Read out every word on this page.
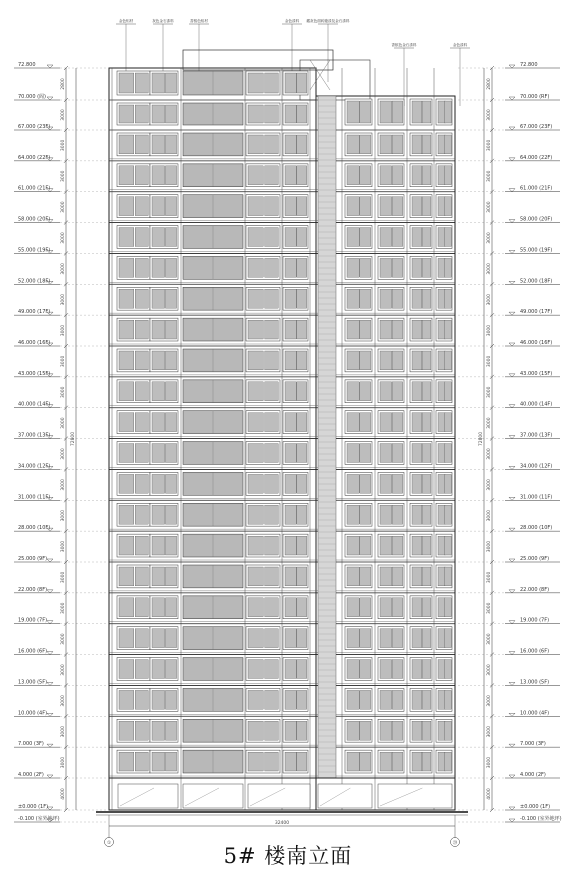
金色铝材	灰色金石漆料	香槟色铝材	金色漆料 藏灰色面砖缝漆及金石漆料
香槟色金石漆料	金色漆料
72.800	72.800
70.000 (阁)	70.000 (RF)
67.000 (23F)
64.000 (22F)
61.000 (21F)
58.000 (20F)
55.000 (19F)
52.000 (18F)
49.000 (17F)
46.000 (16F)
43.000 (15F)
40.000 (14F)
37.000 (13F)
34.000 (12F)
31.000 (11F)
28.000 (10F)
25.000 (9F)
22.000 (8F)
19.000 (7F)
16.000 (6F)
13.000 (5F)
10.000 (4F)
7.000 (3F)
4.000 (2F)
67.000 (23F)
64.000 (22F)
61.000 (21F)
58.000 (20F)
55.000 (19F)
52.000 (18F)
49.000 (17F)
46.000 (16F)
43.000 (15F)
40.000 (14F)
37.000 (13F)
34.000 (12F)
31.000 (11F)
28.000 (10F)
25.000 (9F)
22.000 (8F)
19.000 (7F)
16.000 (6F)
13.000 (5F)
10.000 (4F)
7.000 (3F)
4.000 (2F)
±0.000 (1F)	±0.000 (1F)
-0.100 (室外地坪)	-0.100 (室外地坪)
2800
3000
3000
3000
3000
3000
3000
3000
3000
3000
3000
3000
3000
3000
3000
3000
3000
3000
3000
3000
3000
3000
3000
4000
2800
3000
3000
3000
3000
3000
3000
3000
3000
3000
3000
3000
3000
3000
3000
3000
3000
3000
3000
3000
3000
3000
3000
4000
72800	72800
32400
①	⑳
5# 楼南立面
